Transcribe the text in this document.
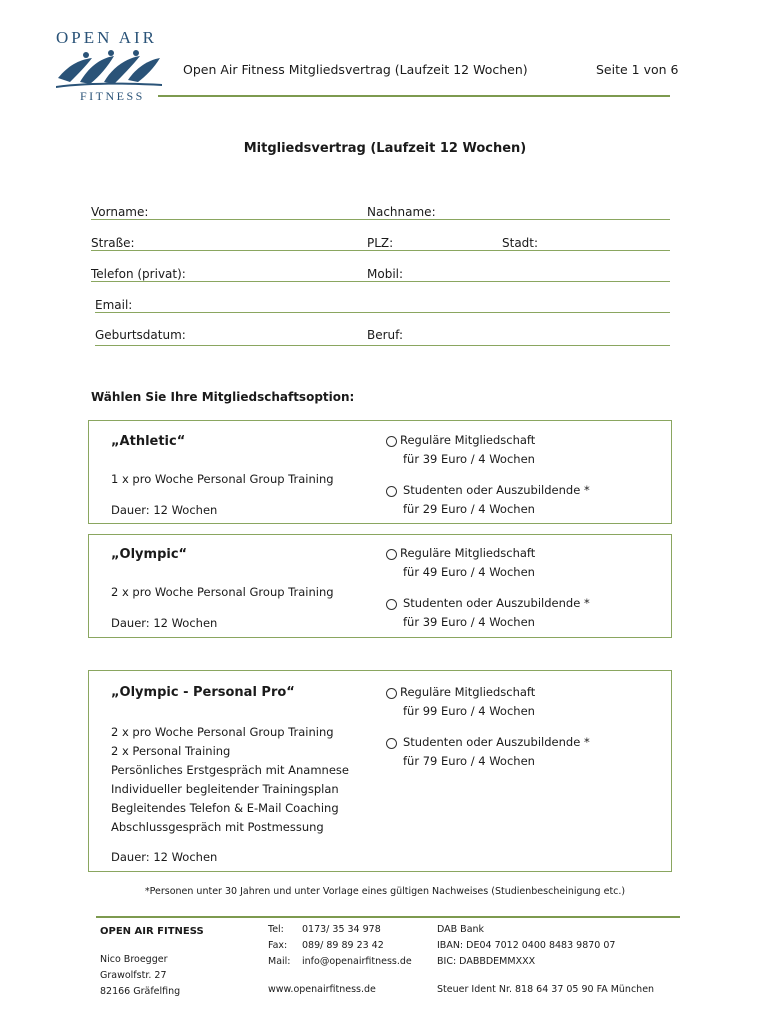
OPEN AIR
FITNESS
Open Air Fitness Mitgliedsvertrag (Laufzeit 12 Wochen)	Seite 1 von 6
Mitgliedsvertrag (Laufzeit 12 Wochen)
Vorname:	Nachname:
Straße:	PLZ:	Stadt:
Telefon (privat):	Mobil:
Email:
Geburtsdatum:	Beruf:
Wählen Sie Ihre Mitgliedschaftsoption:
„Athletic“
1 x pro Woche Personal Group Training
Dauer: 12 Wochen
Reguläre Mitgliedschaft
für 39 Euro / 4 Wochen
Studenten oder Auszubildende *
für 29 Euro / 4 Wochen
„Olympic“
2 x pro Woche Personal Group Training
Dauer: 12 Wochen
Reguläre Mitgliedschaft
für 49 Euro / 4 Wochen
Studenten oder Auszubildende *
für 39 Euro / 4 Wochen
„Olympic - Personal Pro“
2 x pro Woche Personal Group Training
2 x Personal Training
Persönliches Erstgespräch mit Anamnese
Individueller begleitender Trainingsplan
Begleitendes Telefon & E-Mail Coaching
Abschlussgespräch mit Postmessung
Dauer: 12 Wochen
Reguläre Mitgliedschaft
für 99 Euro / 4 Wochen
Studenten oder Auszubildende *
für 79 Euro / 4 Wochen
*Personen unter 30 Jahren und unter Vorlage eines gültigen Nachweises (Studienbescheinigung etc.)
OPEN AIR FITNESS
Nico Broegger
Grawolfstr. 27
82166 Gräfelfing
Tel: 0173/ 35 34 978
Fax: 089/ 89 89 23 42
Mail: info@openairfitness.de
www.openairfitness.de
DAB Bank
IBAN: DE04 7012 0400 8483 9870 07
BIC: DABBDEMMXXX
Steuer Ident Nr. 818 64 37 05 90 FA München
